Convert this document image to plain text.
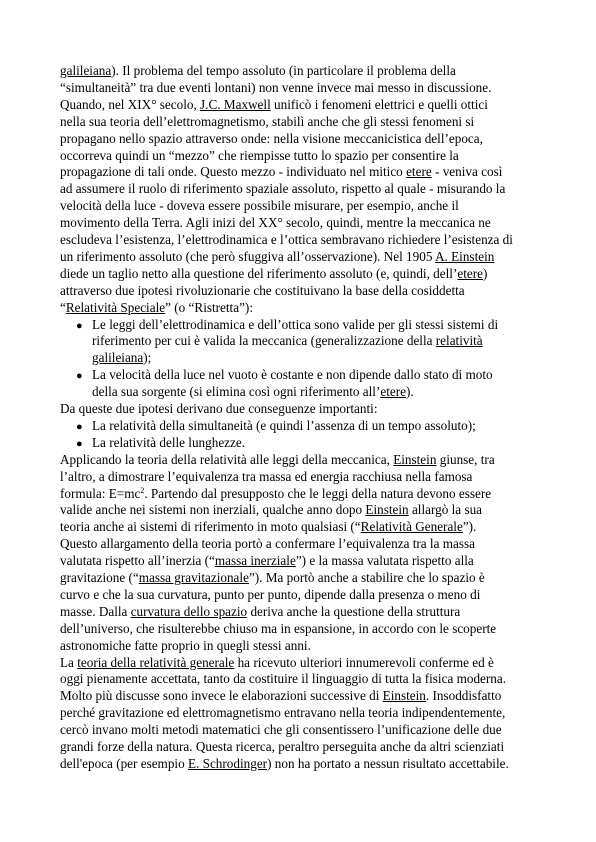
galileiana). Il problema del tempo assoluto (in particolare il problema della
“simultaneità” tra due eventi lontani) non venne invece mai messo in discussione.
Quando, nel XIX° secolo, J.C. Maxwell unificò i fenomeni elettrici e quelli ottici
nella sua teoria dell’elettromagnetismo, stabilì anche che gli stessi fenomeni si
propagano nello spazio attraverso onde: nella visione meccanicistica dell’epoca,
occorreva quindi un “mezzo” che riempisse tutto lo spazio per consentire la
propagazione di tali onde. Questo mezzo - individuato nel mitico etere - veniva così
ad assumere il ruolo di riferimento spaziale assoluto, rispetto al quale - misurando la
velocità della luce - doveva essere possibile misurare, per esempio, anche il
movimento della Terra. Agli inizi del XX° secolo, quindi, mentre la meccanica ne
escludeva l’esistenza, l’elettrodinamica e l’ottica sembravano richiedere l’esistenza di
un riferimento assoluto (che però sfuggiva all’osservazione). Nel 1905 A. Einstein
diede un taglio netto alla questione del riferimento assoluto (e, quindi, dell’etere)
attraverso due ipotesi rivoluzionarie che costituivano la base della cosiddetta
“Relatività Speciale” (o “Ristretta”):
● Le leggi dell’elettrodinamica e dell’ottica sono valide per gli stessi sistemi di
riferimento per cui è valida la meccanica (generalizzazione della relatività
galileiana);
● La velocità della luce nel vuoto è costante e non dipende dallo stato di moto
della sua sorgente (si elimina così ogni riferimento all’etere).
Da queste due ipotesi derivano due conseguenze importanti:
● La relatività della simultaneità (e quindi l’assenza di un tempo assoluto);
● La relatività delle lunghezze.
Applicando la teoria della relatività alle leggi della meccanica, Einstein giunse, tra
l’altro, a dimostrare l’equivalenza tra massa ed energia racchiusa nella famosa
formula: $E=mc^2$. Partendo dal presupposto che le leggi della natura devono essere
valide anche nei sistemi non inerziali, qualche anno dopo Einstein allargò la sua
teoria anche ai sistemi di riferimento in moto qualsiasi (“Relatività Generale”).
Questo allargamento della teoria portò a confermare l’equivalenza tra la massa
valutata rispetto all’inerzia (“massa inerziale”) e la massa valutata rispetto alla
gravitazione (“massa gravitazionale”). Ma portò anche a stabilire che lo spazio è
curvo e che la sua curvatura, punto per punto, dipende dalla presenza o meno di
masse. Dalla curvatura dello spazio deriva anche la questione della struttura
dell’universo, che risulterebbe chiuso ma in espansione, in accordo con le scoperte
astronomiche fatte proprio in quegli stessi anni.
La teoria della relatività generale ha ricevuto ulteriori innumerevoli conferme ed è
oggi pienamente accettata, tanto da costituire il linguaggio di tutta la fisica moderna.
Molto più discusse sono invece le elaborazioni successive di Einstein. Insoddisfatto
perché gravitazione ed elettromagnetismo entravano nella teoria indipendentemente,
cercò invano molti metodi matematici che gli consentissero l’unificazione delle due
grandi forze della natura. Questa ricerca, peraltro perseguita anche da altri scienziati
dell'epoca (per esempio E. Schrodinger) non ha portato a nessun risultato accettabile.
